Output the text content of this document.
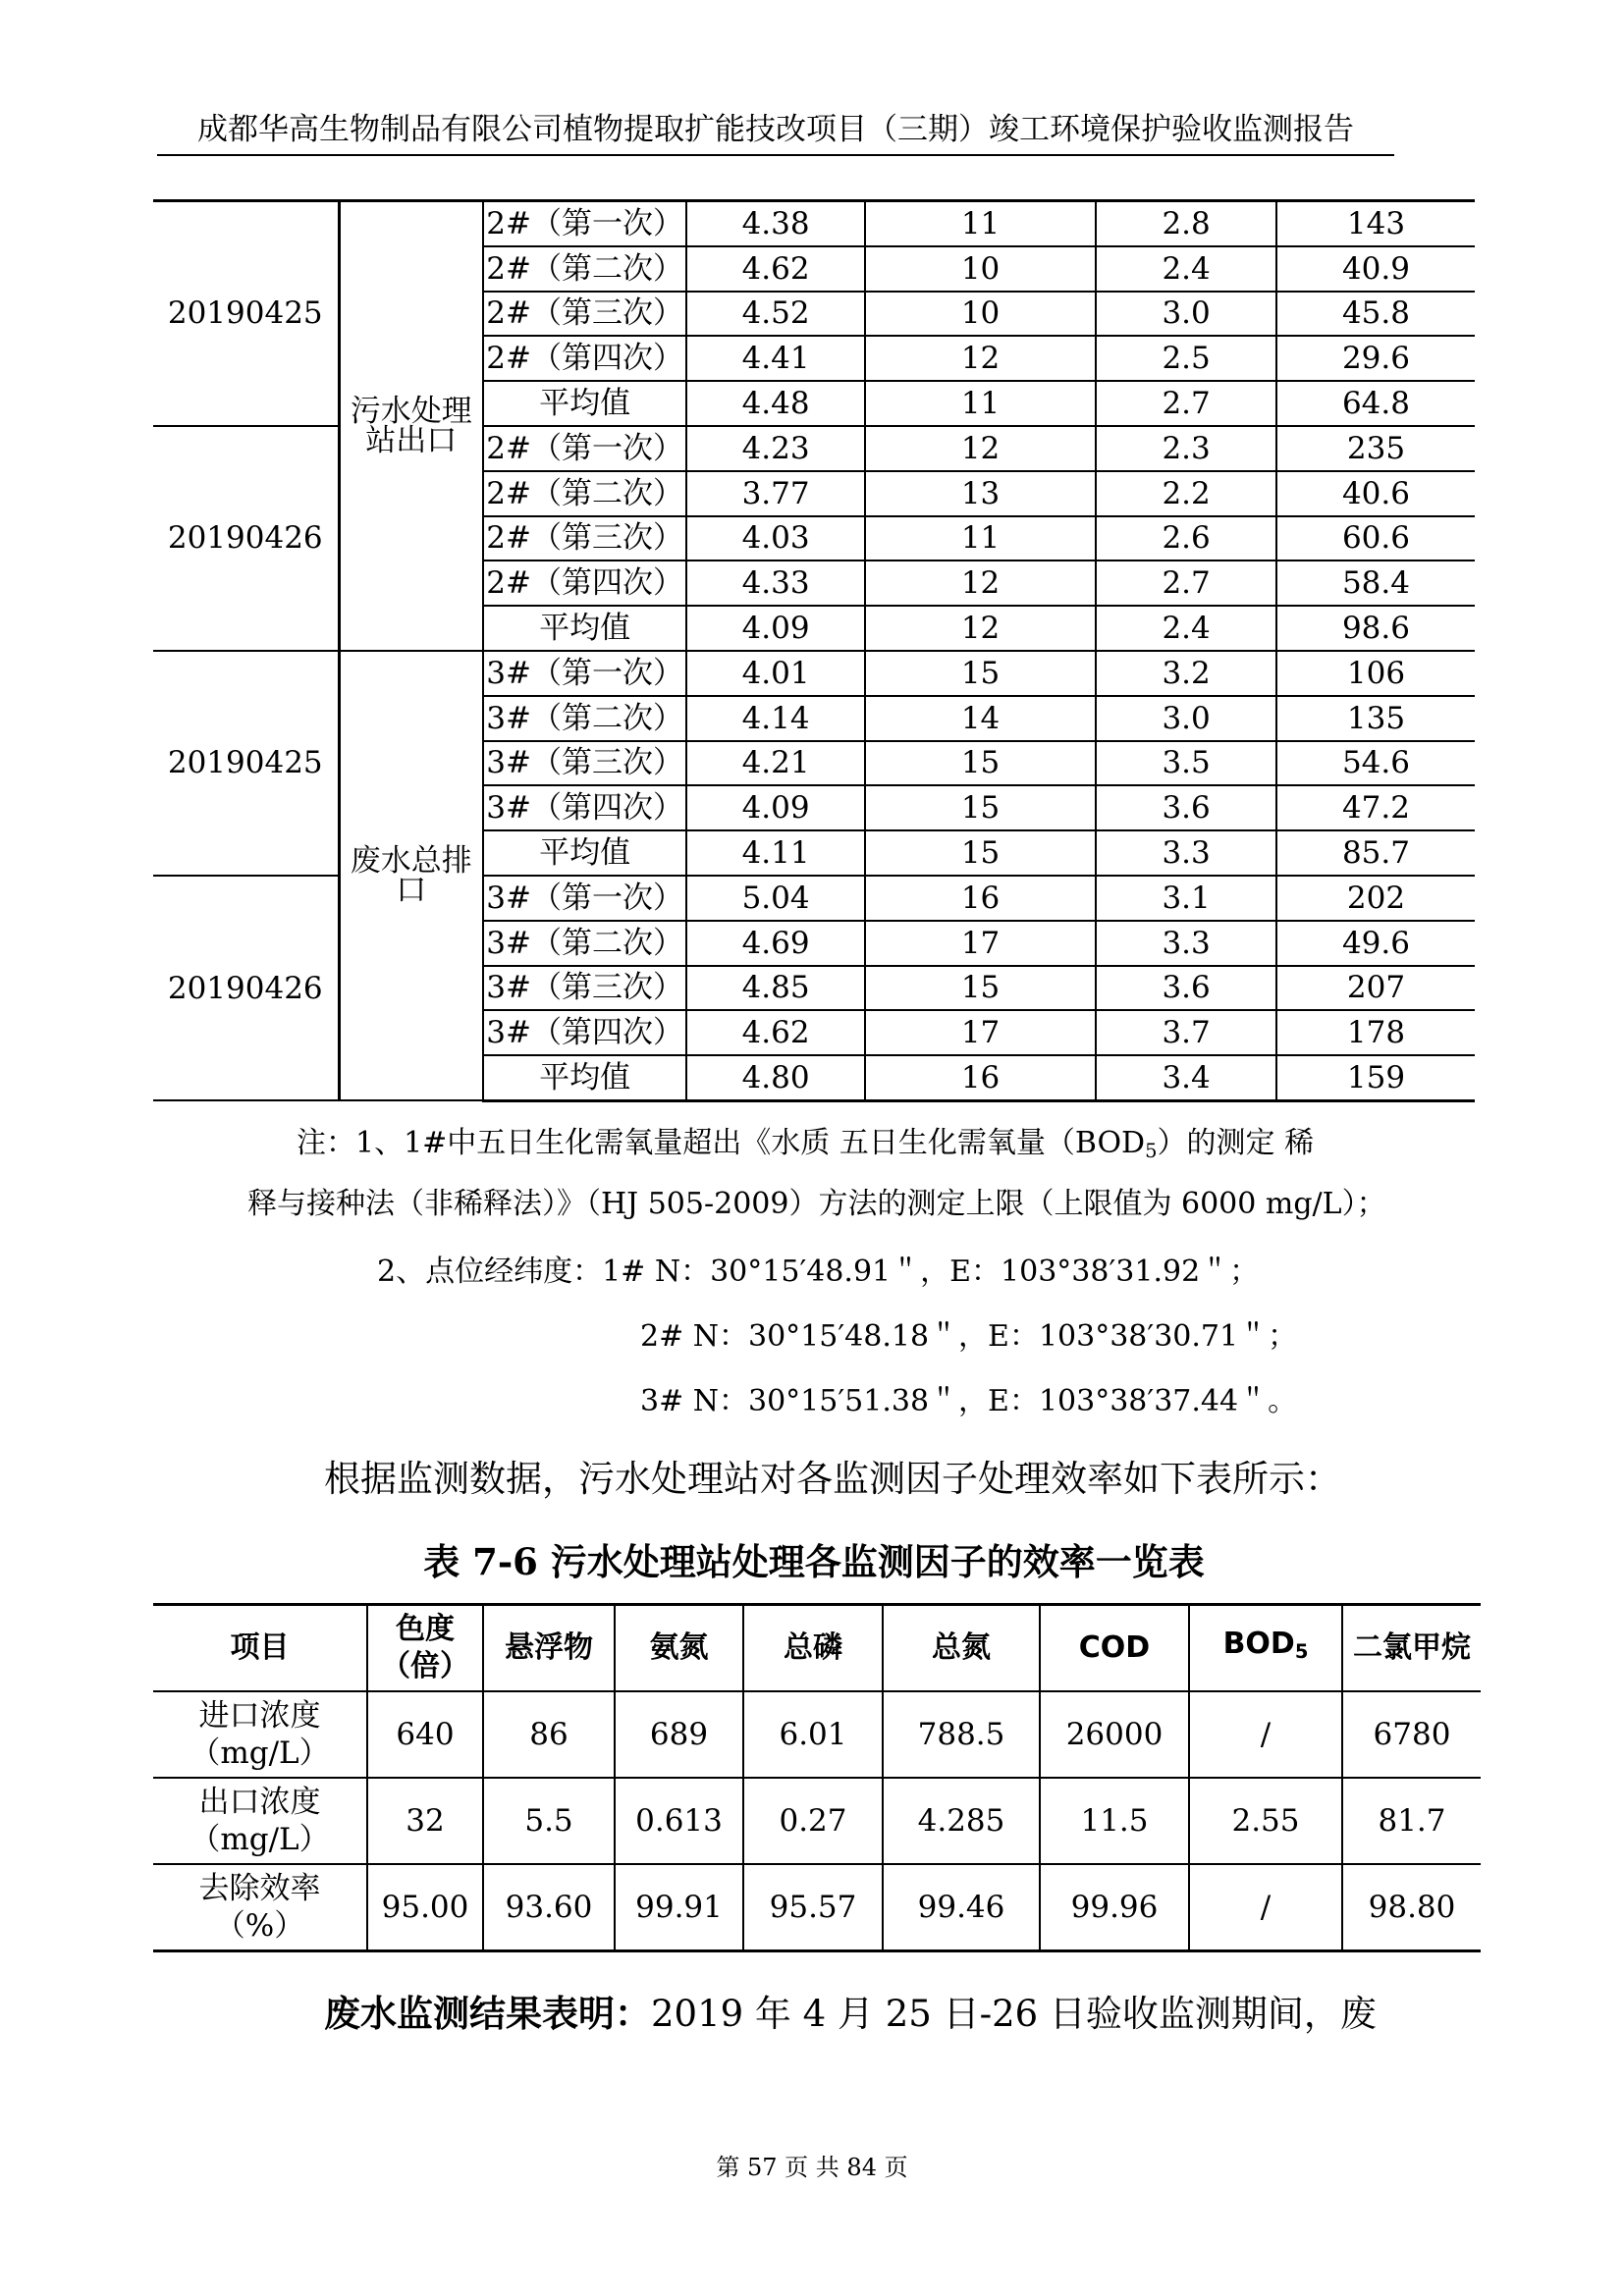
成都华高生物制品有限公司植物提取扩能技改项目（三期）竣工环境保护验收监测报告
20190425	污水处理站出口	2#（第一次）	4.38	11	2.8	143
		2#（第二次）	4.62	10	2.4	40.9
		2#（第三次）	4.52	10	3.0	45.8
		2#（第四次）	4.41	12	2.5	29.6
		平均值	4.48	11	2.7	64.8
20190426		2#（第一次）	4.23	12	2.3	235
		2#（第二次）	3.77	13	2.2	40.6
		2#（第三次）	4.03	11	2.6	60.6
		2#（第四次）	4.33	12	2.7	58.4
		平均值	4.09	12	2.4	98.6
20190425	废水总排口	3#（第一次）	4.01	15	3.2	106
		3#（第二次）	4.14	14	3.0	135
		3#（第三次）	4.21	15	3.5	54.6
		3#（第四次）	4.09	15	3.6	47.2
		平均值	4.11	15	3.3	85.7
20190426		3#（第一次）	5.04	16	3.1	202
		3#（第二次）	4.69	17	3.3	49.6
		3#（第三次）	4.85	15	3.6	207
		3#（第四次）	4.62	17	3.7	178
		平均值	4.80	16	3.4	159
注：1、1#中五日生化需氧量超出《水质 五日生化需氧量$(BOD_5)$的测定 稀
释与接种法（非稀释法）》（HJ 505-2009）方法的测定上限（上限值为 6000 mg/L）；
2、点位经纬度：1# N：30°15′48.91＂，E：103°38′31.92＂；
2# N：30°15′48.18＂，E：103°38′30.71＂；
3# N：30°15′51.38＂，E：103°38′37.44＂。
根据监测数据，污水处理站对各监测因子处理效率如下表所示：
表 7-6 污水处理站处理各监测因子的效率一览表
项目	色度（倍）	悬浮物	氨氮	总磷	总氮	COD	$BOD_5$	二氯甲烷
进口浓度（mg/L）	640	86	689	6.01	788.5	26000	/	6780
出口浓度（mg/L）	32	5.5	0.613	0.27	4.285	11.5	2.55	81.7
去除效率（%）	95.00	93.60	99.91	95.57	99.46	99.96	/	98.80
废水监测结果表明：2019 年 4 月 25 日-26 日验收监测期间，废
第 57 页 共 84 页
